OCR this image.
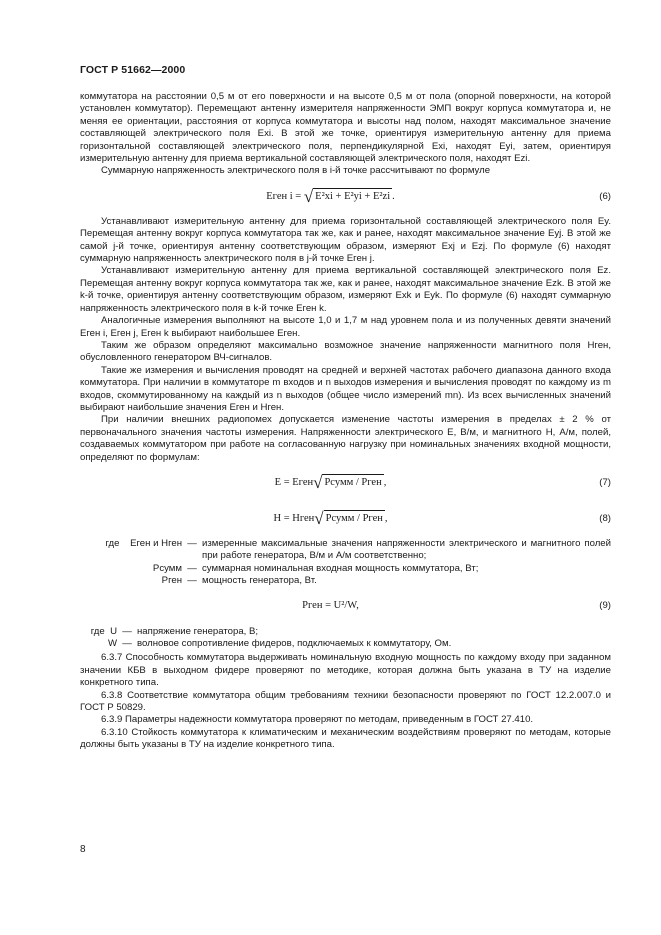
ГОСТ Р 51662—2000

коммутатора на расстоянии 0,5 м от его поверхности и на высоте 0,5 м от пола (опорной поверхности, на которой установлен коммутатор). Перемещают антенну измерителя напряженности ЭМП вокруг корпуса коммутатора и, не меняя ее ориентации, расстояния от корпуса коммутатора и высоты над полом, находят максимальное значение составляющей электрического поля Exi. В этой же точке, ориентируя измерительную антенну для приема горизонтальной составляющей электрического поля, перпендикулярной Exi, находят Eyi, затем, ориентируя измерительную антенну для приема вертикальной составляющей электрического поля, находят Ezi.

Суммарную напряженность электрического поля в i-й точке рассчитывают по формуле

Eген i = √ E²xi + E²yi + E²zi .	(6)

Устанавливают измерительную антенну для приема горизонтальной составляющей электрического поля Ey. Перемещая антенну вокруг корпуса коммутатора так же, как и ранее, находят максимальное значение Eyj. В этой же самой j-й точке, ориентируя антенну соответствующим образом, измеряют Exj и Ezj. По формуле (6) находят суммарную напряженность электрического поля в j-й точке Eген j.

Устанавливают измерительную антенну для приема вертикальной составляющей электрического поля Ez. Перемещая антенну вокруг корпуса коммутатора так же, как и ранее, находят максимальное значение Ezk. В этой же k-й точке, ориентируя антенну соответствующим образом, измеряют Exk и Eyk. По формуле (6) находят суммарную напряженность электрического поля в k-й точке Eген k.

Аналогичные измерения выполняют на высоте 1,0 и 1,7 м над уровнем пола и из полученных девяти значений Eген i, Eген j, Eген k выбирают наибольшее Eген.

Таким же образом определяют максимально возможное значение напряженности магнитного поля Hген, обусловленного генератором ВЧ-сигналов.

Такие же измерения и вычисления проводят на средней и верхней частотах рабочего диапазона данного входа коммутатора. При наличии в коммутаторе m входов и n выходов измерения и вычисления проводят по каждому из m входов, скоммутированному на каждый из n выходов (общее число измерений mn). Из всех вычисленных значений выбирают наибольшие значения Eген и Hген.

При наличии внешних радиопомех допускается изменение частоты измерения в пределах ± 2 % от первоначального значения частоты измерения. Напряженности электрического E, В/м, и магнитного H, А/м, полей, создаваемых коммутатором при работе на согласованную нагрузку при номинальных значениях входной мощности, определяют по формулам:

E = Eген √ Pсумм / Pген ,	(7)
H = Hген √ Pсумм / Pген ,	(8)
где Eген и Hген — измеренные максимальные значения напряженности электрического и магнитного полей при работе генератора, В/м и А/м соответственно;
Pсумм — суммарная номинальная входная мощность коммутатора, Вт;
Pген — мощность генератора, Вт.
Pген = U²/W,	(9)
где U — напряжение генератора, В;
W — волновое сопротивление фидеров, подключаемых к коммутатору, Ом.

6.3.7 Способность коммутатора выдерживать номинальную входную мощность по каждому входу при заданном значении КБВ в выходном фидере проверяют по методике, которая должна быть указана в ТУ на изделие конкретного типа.

6.3.8 Соответствие коммутатора общим требованиям техники безопасности проверяют по ГОСТ 12.2.007.0 и ГОСТ Р 50829.

6.3.9 Параметры надежности коммутатора проверяют по методам, приведенным в ГОСТ 27.410.

6.3.10 Стойкость коммутатора к климатическим и механическим воздействиям проверяют по методам, которые должны быть указаны в ТУ на изделие конкретного типа.

8
